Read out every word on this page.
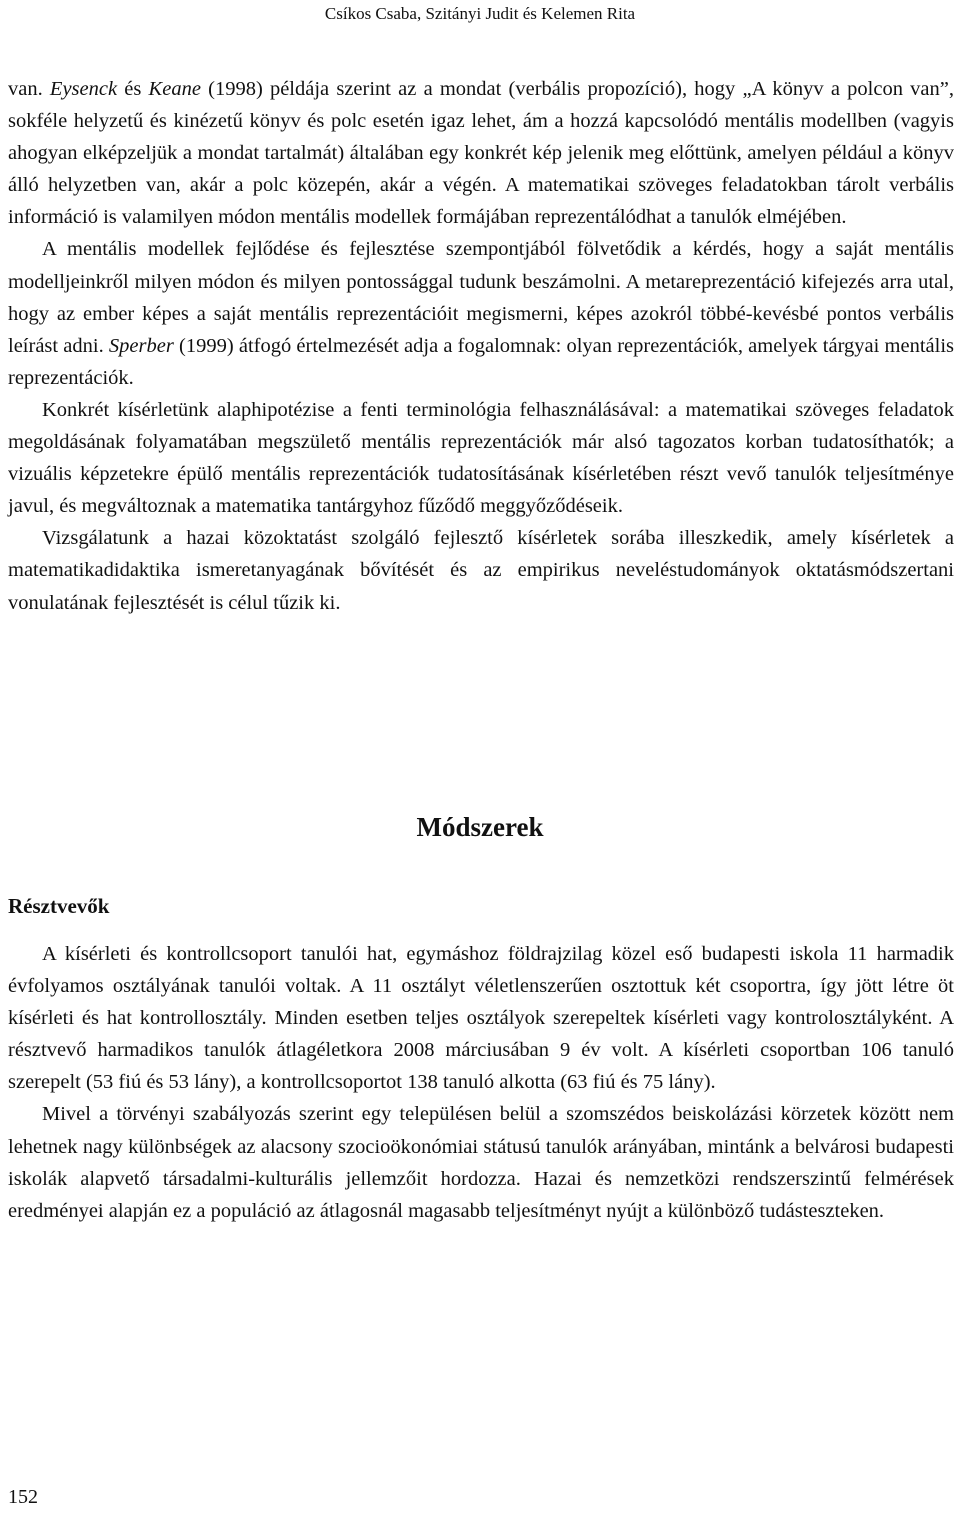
Csíkos Csaba, Szitányi Judit és Kelemen Rita

van. Eysenck és Keane (1998) példája szerint az a mondat (verbális propozíció), hogy „A könyv a polcon van”, sokféle helyzetű és kinézetű könyv és polc esetén igaz lehet, ám a hozzá kapcsolódó mentális modellben (vagyis ahogyan elképzeljük a mondat tartalmát) általában egy konkrét kép jelenik meg előttünk, amelyen például a könyv álló helyzetben van, akár a polc közepén, akár a végén. A matematikai szöveges feladatokban tárolt verbális információ is valamilyen módon mentális modellek formájában reprezentálódhat a tanulók elméjében.

A mentális modellek fejlődése és fejlesztése szempontjából fölvetődik a kérdés, hogy a saját mentális modelljeinkről milyen módon és milyen pontossággal tudunk beszámolni. A metareprezentáció kifejezés arra utal, hogy az ember képes a saját mentális reprezentációit megismerni, képes azokról többé-kevésbé pontos verbális leírást adni. Sperber (1999) átfogó értelmezését adja a fogalomnak: olyan reprezentációk, amelyek tárgyai mentális reprezentációk.

Konkrét kísérletünk alaphipotézise a fenti terminológia felhasználásával: a matematikai szöveges feladatok megoldásának folyamatában megszülető mentális reprezentációk már alsó tagozatos korban tudatosíthatók; a vizuális képzetekre épülő mentális reprezentációk tudatosításának kísérletében részt vevő tanulók teljesítménye javul, és megváltoznak a matematika tantárgyhoz fűződő meggyőződéseik.

Vizsgálatunk a hazai közoktatást szolgáló fejlesztő kísérletek sorába illeszkedik, amely kísérletek a matematikadidaktika ismeretanyagának bővítését és az empirikus neveléstudományok oktatásmódszertani vonulatának fejlesztését is célul tűzik ki.

Módszerek
Résztvevők

A kísérleti és kontrollcsoport tanulói hat, egymáshoz földrajzilag közel eső budapesti iskola 11 harmadik évfolyamos osztályának tanulói voltak. A 11 osztályt véletlenszerűen osztottuk két csoportra, így jött létre öt kísérleti és hat kontrollosztály. Minden esetben teljes osztályok szerepeltek kísérleti vagy kontrolosztályként. A résztvevő harmadikos tanulók átlagéletkora 2008 márciusában 9 év volt. A kísérleti csoportban 106 tanuló szerepelt (53 fiú és 53 lány), a kontrollcsoportot 138 tanuló alkotta (63 fiú és 75 lány).

Mivel a törvényi szabályozás szerint egy településen belül a szomszédos beiskolázási körzetek között nem lehetnek nagy különbségek az alacsony szocioökonómiai státusú tanulók arányában, mintánk a belvárosi budapesti iskolák alapvető társadalmi-kulturális jellemzőit hordozza. Hazai és nemzetközi rendszerszintű felmérések eredményei alapján ez a populáció az átlagosnál magasabb teljesítményt nyújt a különböző tudásteszteken.

152
